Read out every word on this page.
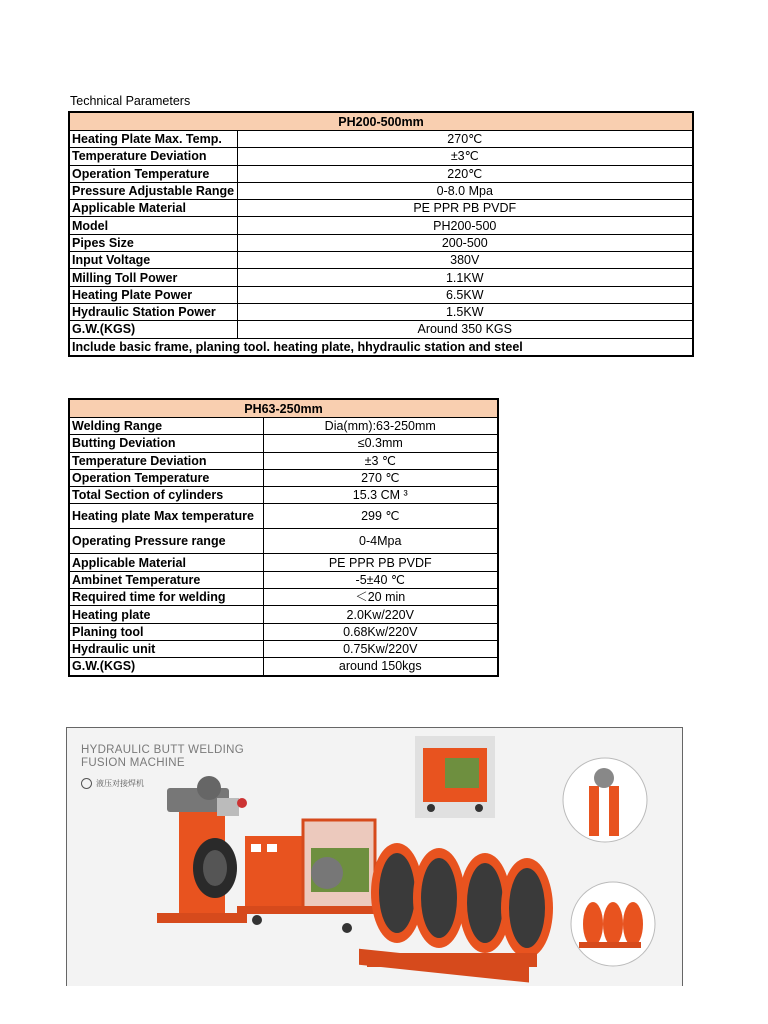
Technical Parameters
PH200-500mm	
Heating Plate Max. Temp.	270℃
Temperature Deviation	±3℃
Operation Temperature	220℃
Pressure Adjustable Range	0-8.0 Mpa
Applicable Material	PE PPR PB PVDF
Model	PH200-500
Pipes Size	200-500
Input Voltage	380V
Milling Toll Power	1.1KW
Heating Plate Power	6.5KW
Hydraulic Station Power	1.5KW
G.W.(KGS)	Around 350 KGS
Include basic frame, planing tool. heating plate, hhydraulic station and steel	
PH63-250mm	
Welding Range	Dia(mm):63-250mm
Butting Deviation	≤0.3mm
Temperature Deviation	±3 ℃
Operation Temperature	270 ℃
Total Section of cylinders	15.3 CM ³
Heating plate Max temperature	299 ℃
Operating Pressure range	0-4Mpa
Applicable Material	PE PPR PB PVDF
Ambinet Temperature	-5±40 ℃
Required time for welding	＜20 min
Heating plate	2.0Kw/220V
Planing tool	0.68Kw/220V
Hydraulic unit	0.75Kw/220V
G.W.(KGS)	around 150kgs
HYDRAULIC BUTT WELDING
FUSION MACHINE
液压对接焊机
